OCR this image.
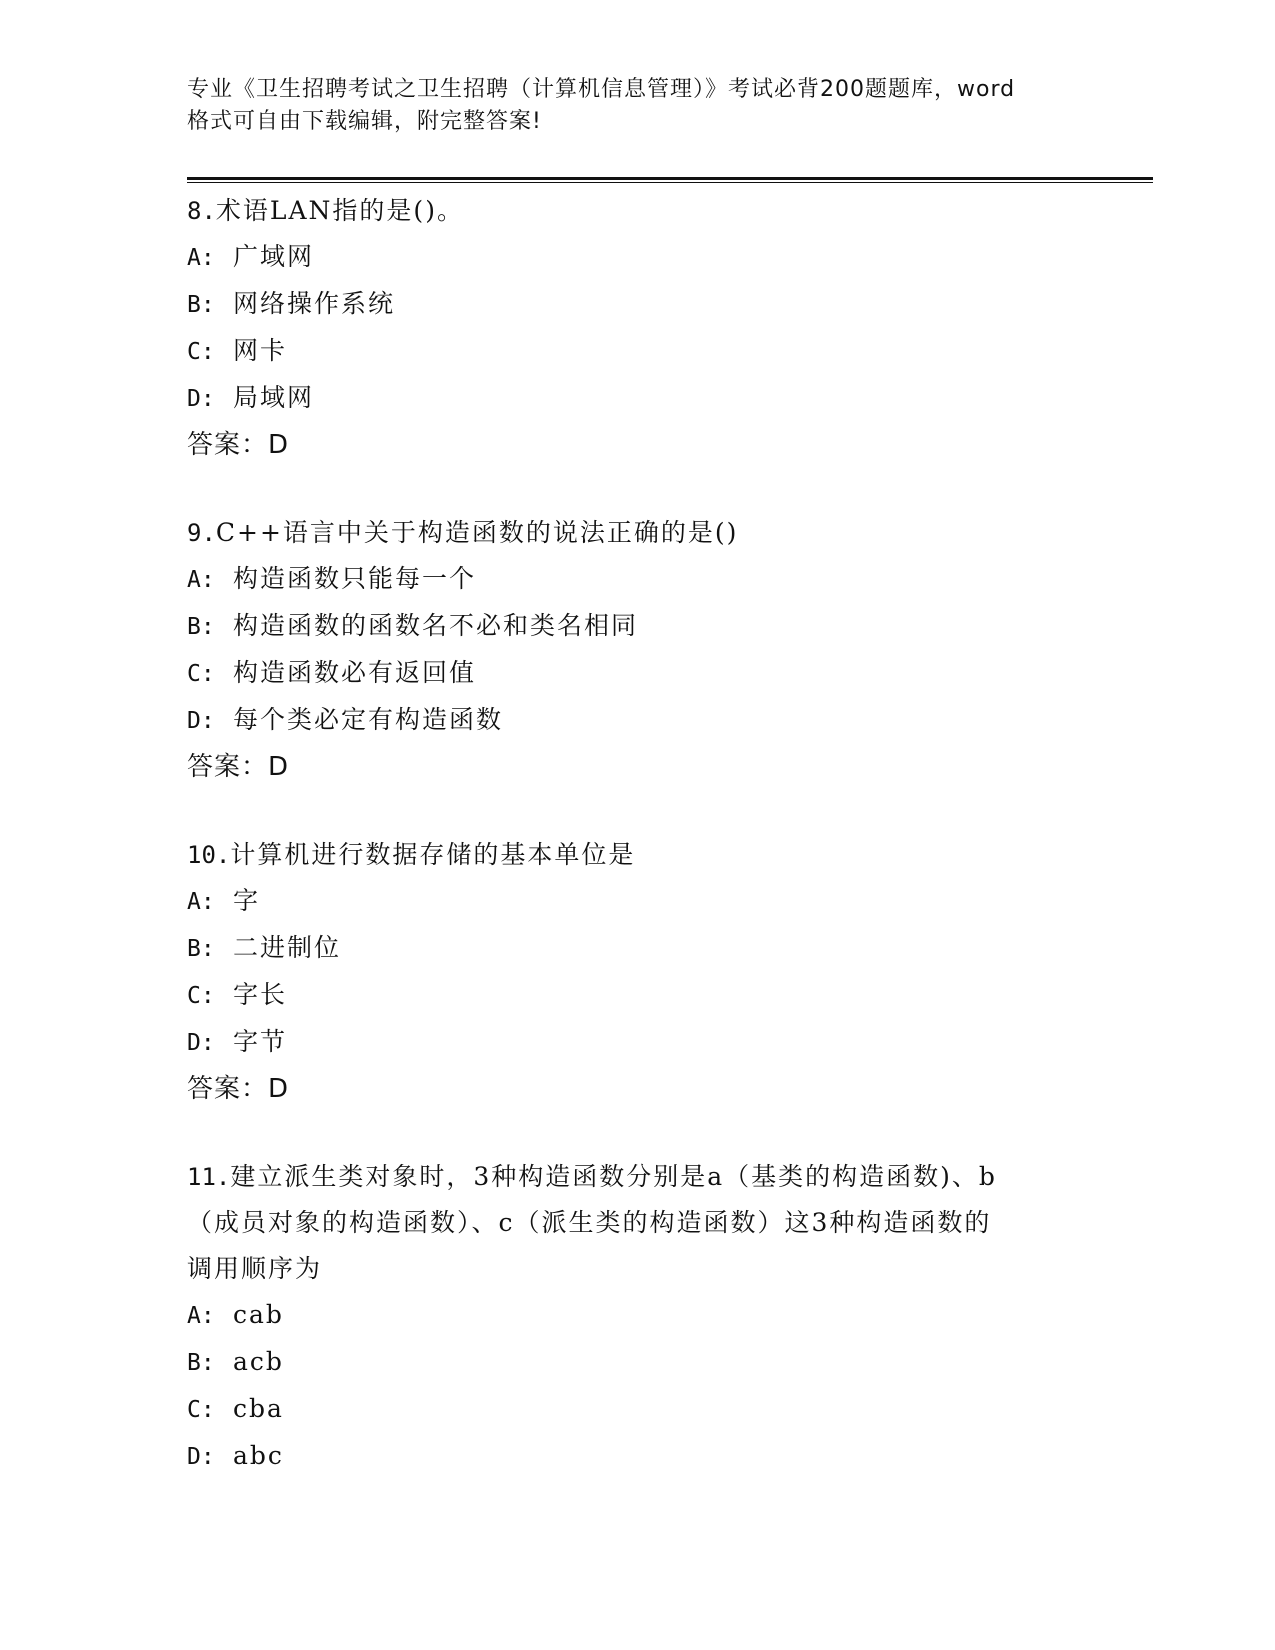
专业《卫生招聘考试之卫生招聘（计算机信息管理）》考试必背200题题库，word
格式可自由下载编辑，附完整答案!
8.术语LAN指的是()。
A: 广域网
B: 网络操作系统
C: 网卡
D: 局域网
答案：D
9.C++语言中关于构造函数的说法正确的是()
A: 构造函数只能每一个
B: 构造函数的函数名不必和类名相同
C: 构造函数必有返回值
D: 每个类必定有构造函数
答案：D
10.计算机进行数据存储的基本单位是
A: 字
B: 二进制位
C: 字长
D: 字节
答案：D
11.建立派生类对象时，3种构造函数分别是a（基类的构造函数)、b
（成员对象的构造函数）、c（派生类的构造函数）这3种构造函数的
调用顺序为
A: cab
B: acb
C: cba
D: abc
